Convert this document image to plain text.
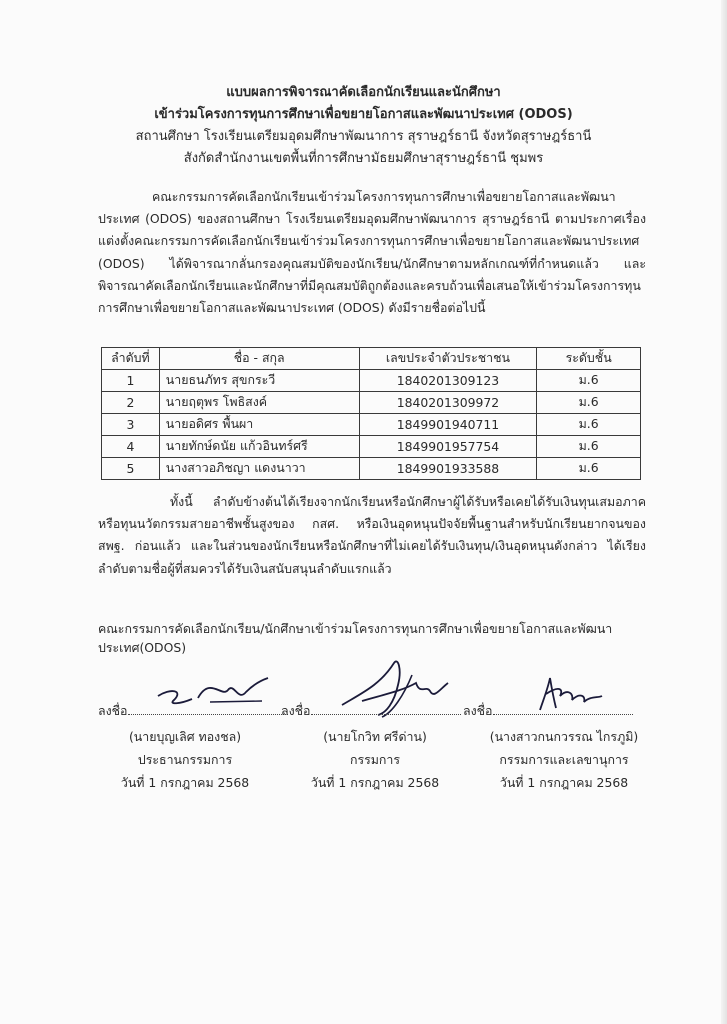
แบบผลการพิจารณาคัดเลือกนักเรียนและนักศึกษา
เข้าร่วมโครงการทุนการศึกษาเพื่อขยายโอกาสและพัฒนาประเทศ (ODOS)
สถานศึกษา โรงเรียนเตรียมอุดมศึกษาพัฒนาการ สุราษฎร์ธานี จังหวัดสุราษฎร์ธานี
สังกัดสำนักงานเขตพื้นที่การศึกษามัธยมศึกษาสุราษฎร์ธานี ชุมพร

คณะกรรมการคัดเลือกนักเรียนเข้าร่วมโครงการทุนการศึกษาเพื่อขยายโอกาสและพัฒนาประเทศ (ODOS) ของสถานศึกษา โรงเรียนเตรียมอุดมศึกษาพัฒนาการ สุราษฎร์ธานี ตามประกาศเรื่องแต่งตั้งคณะกรรมการคัดเลือกนักเรียนเข้าร่วมโครงการทุนการศึกษาเพื่อขยายโอกาสและพัฒนาประเทศ (ODOS) ได้พิจารณากลั่นกรองคุณสมบัติของนักเรียน/นักศึกษาตามหลักเกณฑ์ที่กำหนดแล้ว และพิจารณาคัดเลือกนักเรียนและนักศึกษาที่มีคุณสมบัติถูกต้องและครบถ้วนเพื่อเสนอให้เข้าร่วมโครงการทุนการศึกษาเพื่อขยายโอกาสและพัฒนาประเทศ (ODOS) ดังมีรายชื่อต่อไปนี้

ลำดับที่	ชื่อ - สกุล	เลขประจำตัวประชาชน	ระดับชั้น
1	นายธนภัทร สุขกระวี	1840201309123	ม.6
2	นายฤตุพร โพธิสงค์	1840201309972	ม.6
3	นายอดิศร พื้นผา	1849901940711	ม.6
4	นายทักษ์ดนัย แก้วอินทร์ศรี	1849901957754	ม.6
5	นางสาวอภิชญา แดงนาวา	1849901933588	ม.6

ทั้งนี้ ลำดับข้างต้นได้เรียงจากนักเรียนหรือนักศึกษาผู้ได้รับหรือเคยได้รับเงินทุนเสมอภาคหรือทุนนวัตกรรมสายอาชีพชั้นสูงของ กสศ. หรือเงินอุดหนุนปัจจัยพื้นฐานสำหรับนักเรียนยากจนของ สพฐ. ก่อนแล้ว และในส่วนของนักเรียนหรือนักศึกษาที่ไม่เคยได้รับเงินทุน/เงินอุดหนุนดังกล่าว ได้เรียงลำดับตามชื่อผู้ที่สมควรได้รับเงินสนับสนุนลำดับแรกแล้ว

คณะกรรมการคัดเลือกนักเรียน/นักศึกษาเข้าร่วมโครงการทุนการศึกษาเพื่อขยายโอกาสและพัฒนาประเทศ(ODOS)
ลงชื่อ	ลงชื่อ	ลงชื่อ
(นายบุญเลิศ ทองชล)
ประธานกรรมการ
วันที่ 1 กรกฎาคม 2568
(นายโกวิท ศรีด่าน)
กรรมการ
วันที่ 1 กรกฎาคม 2568
(นางสาวกนกวรรณ ไกรภูมิ)
กรรมการและเลขานุการ
วันที่ 1 กรกฎาคม 2568
